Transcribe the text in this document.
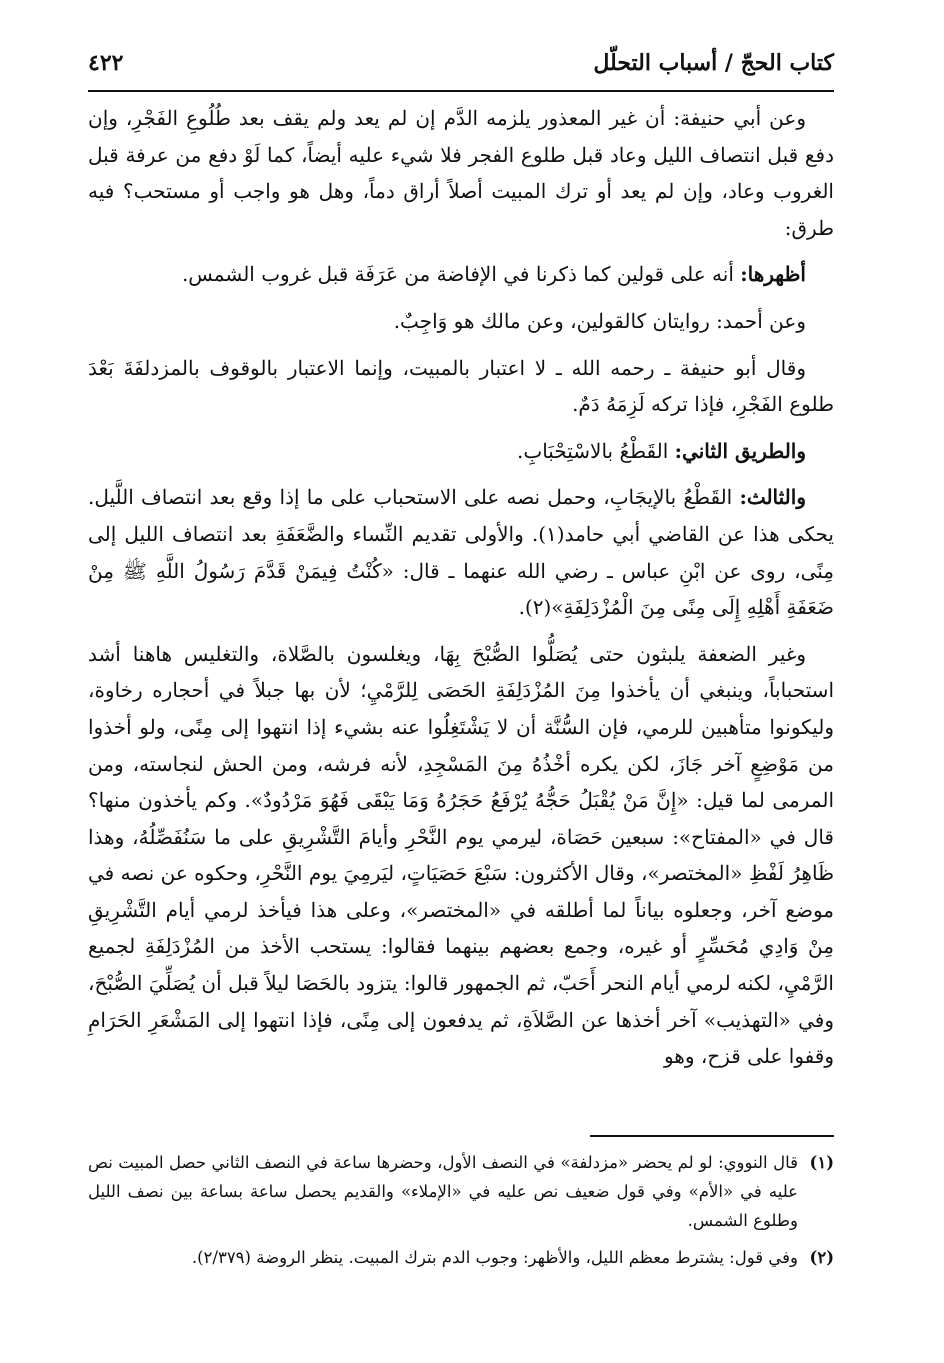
كتاب الحجّ / أسباب التحلّل
٤٢٢

وعن أبي حنيفة: أن غير المعذور يلزمه الدَّم إن لم يعد ولم يقف بعد طُلُوعِ الفَجْرِ، وإن دفع قبل انتصاف الليل وعاد قبل طلوع الفجر فلا شيء عليه أيضاً، كما لَوْ دفع من عرفة قبل الغروب وعاد، وإن لم يعد أو ترك المبيت أصلاً أراق دماً، وهل هو واجب أو مستحب؟ فيه طرق:

أظهرها: أنه على قولين كما ذكرنا في الإفاضة من عَرَفَة قبل غروب الشمس.

وعن أحمد: روايتان كالقولين، وعن مالك هو وَاجِبٌ.

وقال أبو حنيفة ـ رحمه الله ـ لا اعتبار بالمبيت، وإنما الاعتبار بالوقوف بالمزدلفَةَ بَعْدَ طلوع الفَجْرِ، فإذا تركه لَزِمَهُ دَمٌ.

والطريق الثاني: القَطْعُ بالاسْتِحْبَابِ.

والثالث: القَطْعُ بالإيجَابِ، وحمل نصه على الاستحباب على ما إذا وقع بعد انتصاف اللَّيل. يحكى هذا عن القاضي أبي حامد(١). والأولى تقديم النِّساء والضَّعَفَةِ بعد انتصاف الليل إلى مِنًى، روى عن ابْنِ عباس ـ رضي الله عنهما ـ قال: «كُنْتُ فِيمَنْ قَدَّمَ رَسُولُ اللَّهِ ﷺ مِنْ ضَعَفَةِ أَهْلِهِ إِلَى مِنًى مِنَ الْمُزْدَلِفَةِ»(٢).

وغير الضعفة يلبثون حتى يُصَلُّوا الصُّبْحَ بِهَا، ويغلسون بالصَّلاة، والتغليس هاهنا أشد استحباباً، وينبغي أن يأخذوا مِنَ المُزْدَلِفَةِ الحَصَى لِلرَّمْيِ؛ لأن بها جبلاً في أحجاره رخاوة، وليكونوا متأهبين للرمي، فإن السُّنَّة أن لا يَشْتَغِلُوا عنه بشيء إذا انتهوا إلى مِنًى، ولو أخذوا من مَوْضِعٍ آخر جَازَ، لكن يكره أخْذُهُ مِنَ المَسْجِدِ، لأنه فرشه، ومن الحش لنجاسته، ومن المرمى لما قيل: «إِنَّ مَنْ يُقْبَلُ حَجُّهُ يُرْفَعُ حَجَرُهُ وَمَا يَبْقَى فَهُوَ مَرْدُودٌ». وكم يأخذون منها؟ قال في «المفتاح»: سبعين حَصَاة، ليرمي يوم النَّحْرِ وأيامَ التَّشْرِيقِ على ما سَنُفَصِّلُهُ، وهذا ظَاهِرُ لَفْظِ «المختصر»، وقال الأكثرون: سَبْعَ حَصَيَاتٍ، ليَرمِيَ يوم النَّحْرِ، وحكوه عن نصه في موضع آخر، وجعلوه بياناً لما أطلقه في «المختصر»، وعلى هذا فيأخذ لرمي أيام التَّشْرِيقِ مِنْ وَادِي مُحَسِّرٍ أو غيره، وجمع بعضهم بينهما فقالوا: يستحب الأخذ من المُزْدَلِفَةِ لجميع الرَّمْيِ، لكنه لرمي أيام النحر أَحَبّ، ثم الجمهور قالوا: يتزود بالحَصَا ليلاً قبل أن يُصَلِّيَ الصُّبْحَ، وفي «التهذيب» آخر أخذها عن الصَّلاَةِ، ثم يدفعون إلى مِنًى، فإذا انتهوا إلى المَشْعَرِ الحَرَامِ وقفوا على قزح، وهو

(١)
قال النووي: لو لم يحضر «مزدلفة» في النصف الأول، وحضرها ساعة في النصف الثاني حصل المبيت نص عليه في «الأم» وفي قول ضعيف نص عليه في «الإملاء» والقديم يحصل ساعة بساعة بين نصف الليل وطلوع الشمس.
(٢)
وفي قول: يشترط معظم الليل، والأظهر: وجوب الدم بترك المبيت. ينظر الروضة (٢/٣٧٩).
